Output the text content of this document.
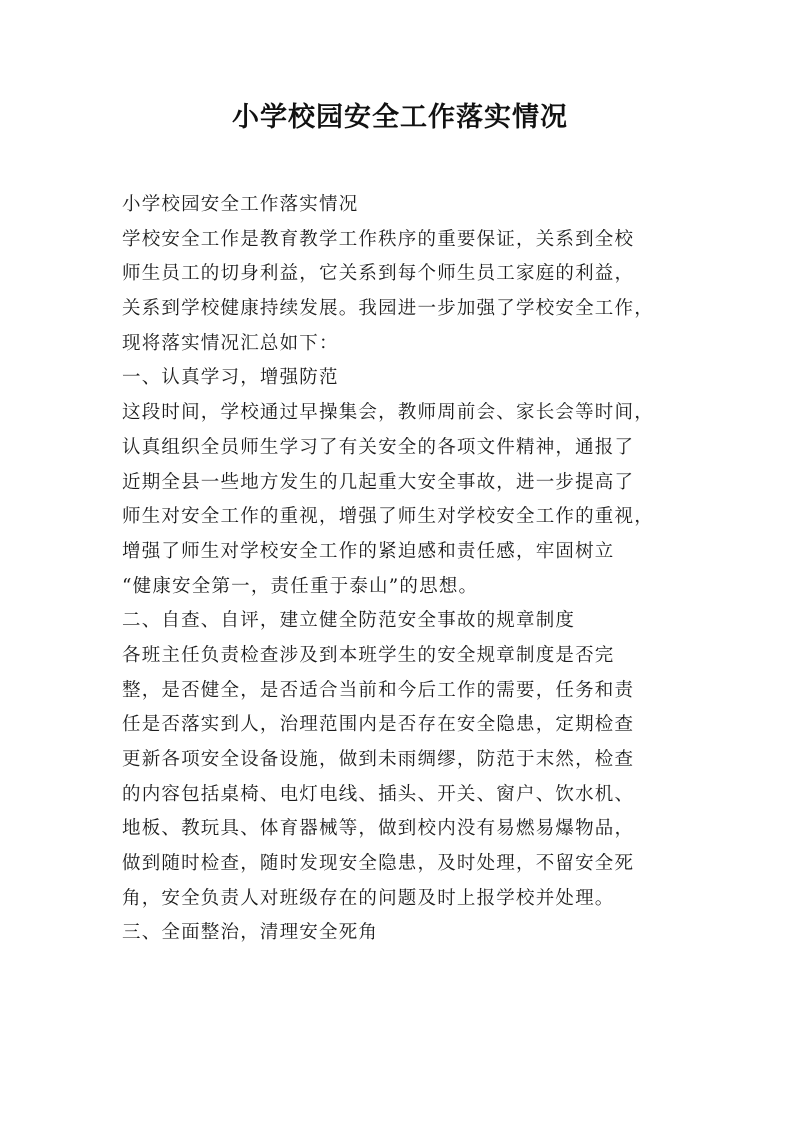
小学校园安全工作落实情况

小学校园安全工作落实情况

学校安全工作是教育教学工作秩序的重要保证，关系到全校

师生员工的切身利益，它关系到每个师生员工家庭的利益，

关系到学校健康持续发展。我园进一步加强了学校安全工作，

现将落实情况汇总如下：

一、认真学习，增强防范

这段时间，学校通过早操集会，教师周前会、家长会等时间，

认真组织全员师生学习了有关安全的各项文件精神，通报了

近期全县一些地方发生的几起重大安全事故，进一步提高了

师生对安全工作的重视，增强了师生对学校安全工作的重视，

增强了师生对学校安全工作的紧迫感和责任感，牢固树立

“健康安全第一，责任重于泰山”的思想。

二、自查、自评，建立健全防范安全事故的规章制度

各班主任负责检查涉及到本班学生的安全规章制度是否完

整，是否健全，是否适合当前和今后工作的需要，任务和责

任是否落实到人，治理范围内是否存在安全隐患，定期检查

更新各项安全设备设施，做到未雨绸缪，防范于末然，检查

的内容包括桌椅、电灯电线、插头、开关、窗户、饮水机、

地板、教玩具、体育器械等，做到校内没有易燃易爆物品，

做到随时检查，随时发现安全隐患，及时处理，不留安全死

角，安全负责人对班级存在的问题及时上报学校并处理。

三、全面整治，清理安全死角
